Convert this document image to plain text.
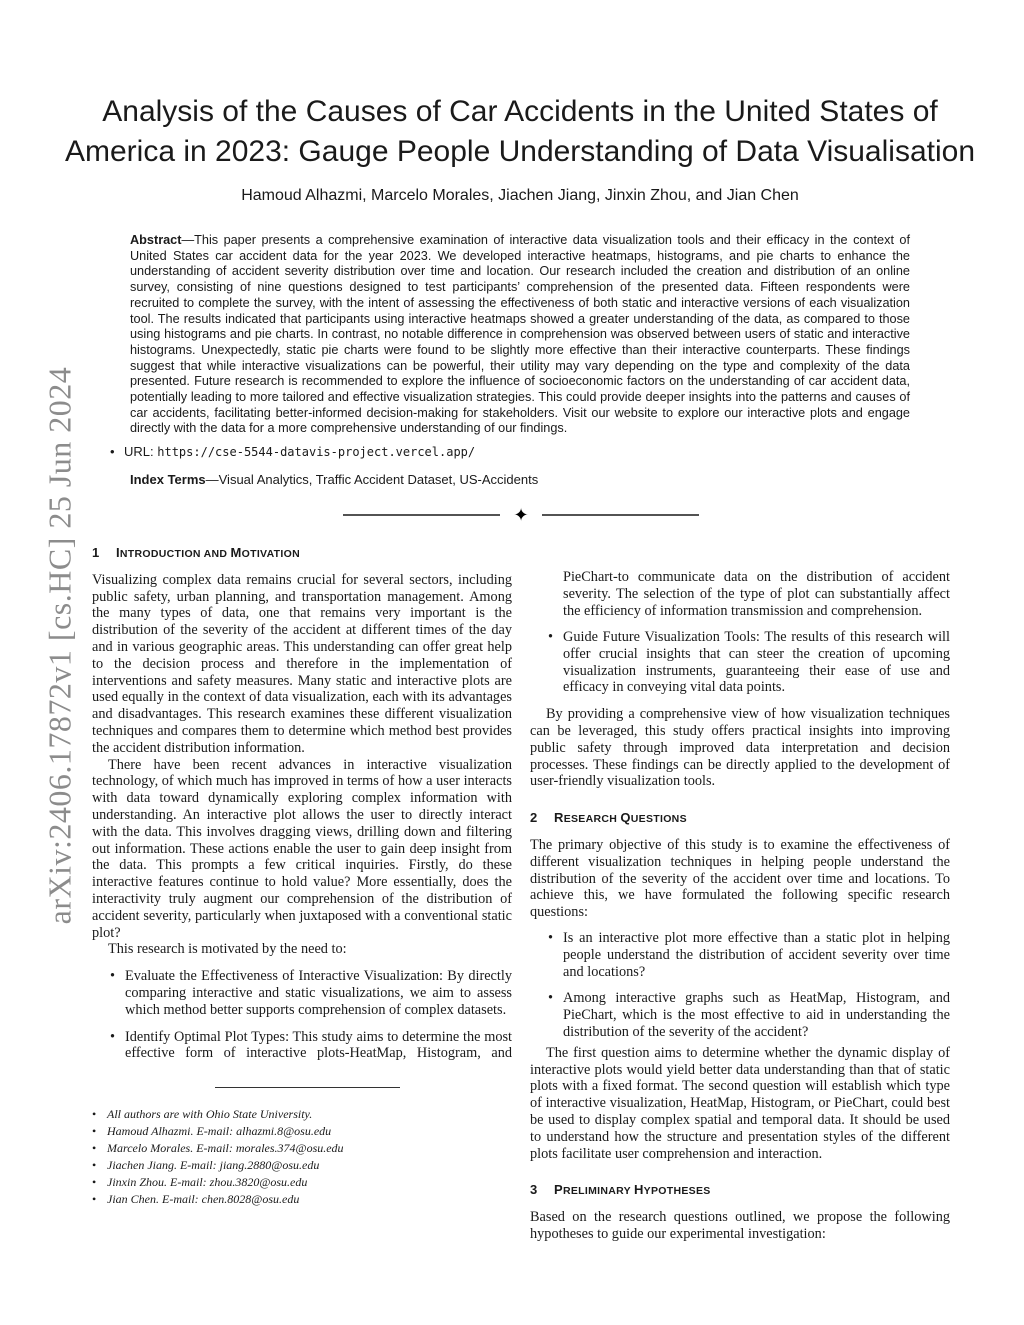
arXiv:2406.17872v1 [cs.HC] 25 Jun 2024
Analysis of the Causes of Car Accidents in the United States of America in 2023: Gauge People Understanding of Data Visualisation

Hamoud Alhazmi, Marcelo Morales, Jiachen Jiang, Jinxin Zhou, and Jian Chen

Abstract—This paper presents a comprehensive examination of interactive data visualization tools and their efficacy in the context of United States car accident data for the year 2023. We developed interactive heatmaps, histograms, and pie charts to enhance the understanding of accident severity distribution over time and location. Our research included the creation and distribution of an online survey, consisting of nine questions designed to test participants’ comprehension of the presented data. Fifteen respondents were recruited to complete the survey, with the intent of assessing the effectiveness of both static and interactive versions of each visualization tool. The results indicated that participants using interactive heatmaps showed a greater understanding of the data, as compared to those using histograms and pie charts. In contrast, no notable difference in comprehension was observed between users of static and interactive histograms. Unexpectedly, static pie charts were found to be slightly more effective than their interactive counterparts. These findings suggest that while interactive visualizations can be powerful, their utility may vary depending on the type and complexity of the data presented. Future research is recommended to explore the influence of socioeconomic factors on the understanding of car accident data, potentially leading to more tailored and effective visualization strategies. This could provide deeper insights into the patterns and causes of car accidents, facilitating better-informed decision-making for stakeholders. Visit our website to explore our interactive plots and engage directly with the data for a more comprehensive understanding of our findings.

• URL: https://cse-5544-datavis-project.vercel.app/

Index Terms—Visual Analytics, Traffic Accident Dataset, US-Accidents

✦
1 INTRODUCTION AND MOTIVATION

Visualizing complex data remains crucial for several sectors, including public safety, urban planning, and transportation management. Among the many types of data, one that remains very important is the distribution of the severity of the accident at different times of the day and in various geographic areas. This understanding can offer great help to the decision process and therefore in the implementation of interventions and safety measures. Many static and interactive plots are used equally in the context of data visualization, each with its advantages and disadvantages. This research examines these different visualization techniques and compares them to determine which method best provides the accident distribution information.

There have been recent advances in interactive visualization technology, of which much has improved in terms of how a user interacts with data toward dynamically exploring complex information with understanding. An interactive plot allows the user to directly interact with the data. This involves dragging views, drilling down and filtering out information. These actions enable the user to gain deep insight from the data. This prompts a few critical inquiries. Firstly, do these interactive features continue to hold value? More essentially, does the interactivity truly augment our comprehension of the distribution of accident severity, particularly when juxtaposed with a conventional static plot?

This research is motivated by the need to:

• Evaluate the Effectiveness of Interactive Visualization: By directly comparing interactive and static visualizations, we aim to assess which method better supports comprehension of complex datasets.
• Identify Optimal Plot Types: This study aims to determine the most effective form of interactive plots-HeatMap, Histogram, and
• All authors are with Ohio State University.
• Hamoud Alhazmi. E-mail: alhazmi.8@osu.edu
• Marcelo Morales. E-mail: morales.374@osu.edu
• Jiachen Jiang. E-mail: jiang.2880@osu.edu
• Jinxin Zhou. E-mail: zhou.3820@osu.edu
• Jian Chen. E-mail: chen.8028@osu.edu

PieChart-to communicate data on the distribution of accident severity. The selection of the type of plot can substantially affect the efficiency of information transmission and comprehension.

• Guide Future Visualization Tools: The results of this research will offer crucial insights that can steer the creation of upcoming visualization instruments, guaranteeing their ease of use and efficacy in conveying vital data points.

By providing a comprehensive view of how visualization techniques can be leveraged, this study offers practical insights into improving public safety through improved data interpretation and decision processes. These findings can be directly applied to the development of user-friendly visualization tools.

2 RESEARCH QUESTIONS

The primary objective of this study is to examine the effectiveness of different visualization techniques in helping people understand the distribution of the severity of the accident over time and locations. To achieve this, we have formulated the following specific research questions:

• Is an interactive plot more effective than a static plot in helping people understand the distribution of accident severity over time and locations?
• Among interactive graphs such as HeatMap, Histogram, and PieChart, which is the most effective to aid in understanding the distribution of the severity of the accident?

The first question aims to determine whether the dynamic display of interactive plots would yield better data understanding than that of static plots with a fixed format. The second question will establish which type of interactive visualization, HeatMap, Histogram, or PieChart, could best be used to display complex spatial and temporal data. It should be used to understand how the structure and presentation styles of the different plots facilitate user comprehension and interaction.

3 PRELIMINARY HYPOTHESES

Based on the research questions outlined, we propose the following hypotheses to guide our experimental investigation:
